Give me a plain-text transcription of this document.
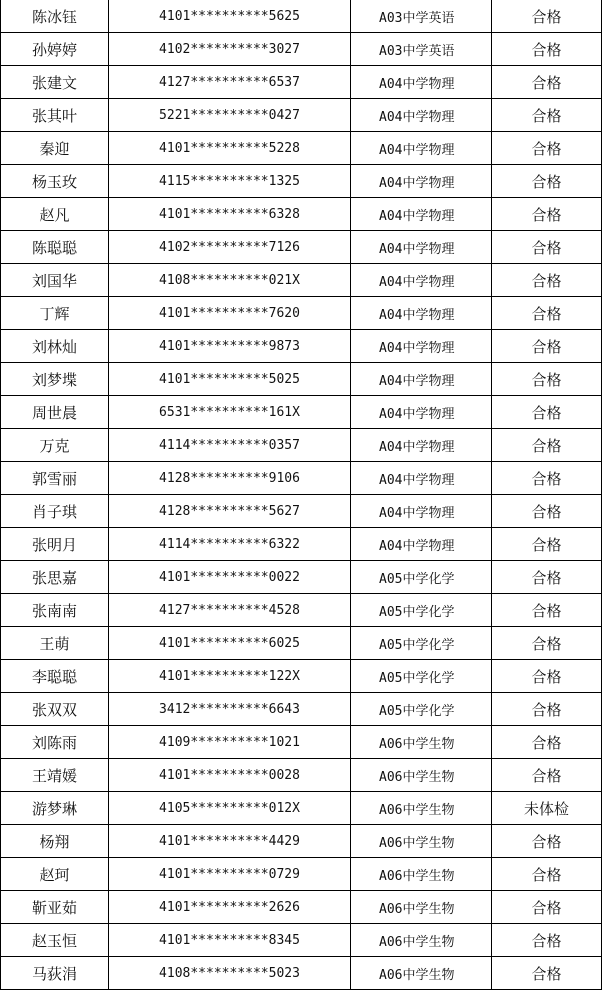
陈冰钰	4101**********5625	A03中学英语	合格
孙婷婷	4102**********3027	A03中学英语	合格
张建文	4127**********6537	A04中学物理	合格
张其叶	5221**********0427	A04中学物理	合格
秦迎	4101**********5228	A04中学物理	合格
杨玉玫	4115**********1325	A04中学物理	合格
赵凡	4101**********6328	A04中学物理	合格
陈聪聪	4102**********7126	A04中学物理	合格
刘国华	4108**********021X	A04中学物理	合格
丁辉	4101**********7620	A04中学物理	合格
刘林灿	4101**********9873	A04中学物理	合格
刘梦堞	4101**********5025	A04中学物理	合格
周世晨	6531**********161X	A04中学物理	合格
万克	4114**********0357	A04中学物理	合格
郭雪丽	4128**********9106	A04中学物理	合格
肖子琪	4128**********5627	A04中学物理	合格
张明月	4114**********6322	A04中学物理	合格
张思嘉	4101**********0022	A05中学化学	合格
张南南	4127**********4528	A05中学化学	合格
王萌	4101**********6025	A05中学化学	合格
李聪聪	4101**********122X	A05中学化学	合格
张双双	3412**********6643	A05中学化学	合格
刘陈雨	4109**********1021	A06中学生物	合格
王靖媛	4101**********0028	A06中学生物	合格
游梦琳	4105**********012X	A06中学生物	未体检
杨翔	4101**********4429	A06中学生物	合格
赵珂	4101**********0729	A06中学生物	合格
靳亚茹	4101**********2626	A06中学生物	合格
赵玉恒	4101**********8345	A06中学生物	合格
马荻涓	4108**********5023	A06中学生物	合格
